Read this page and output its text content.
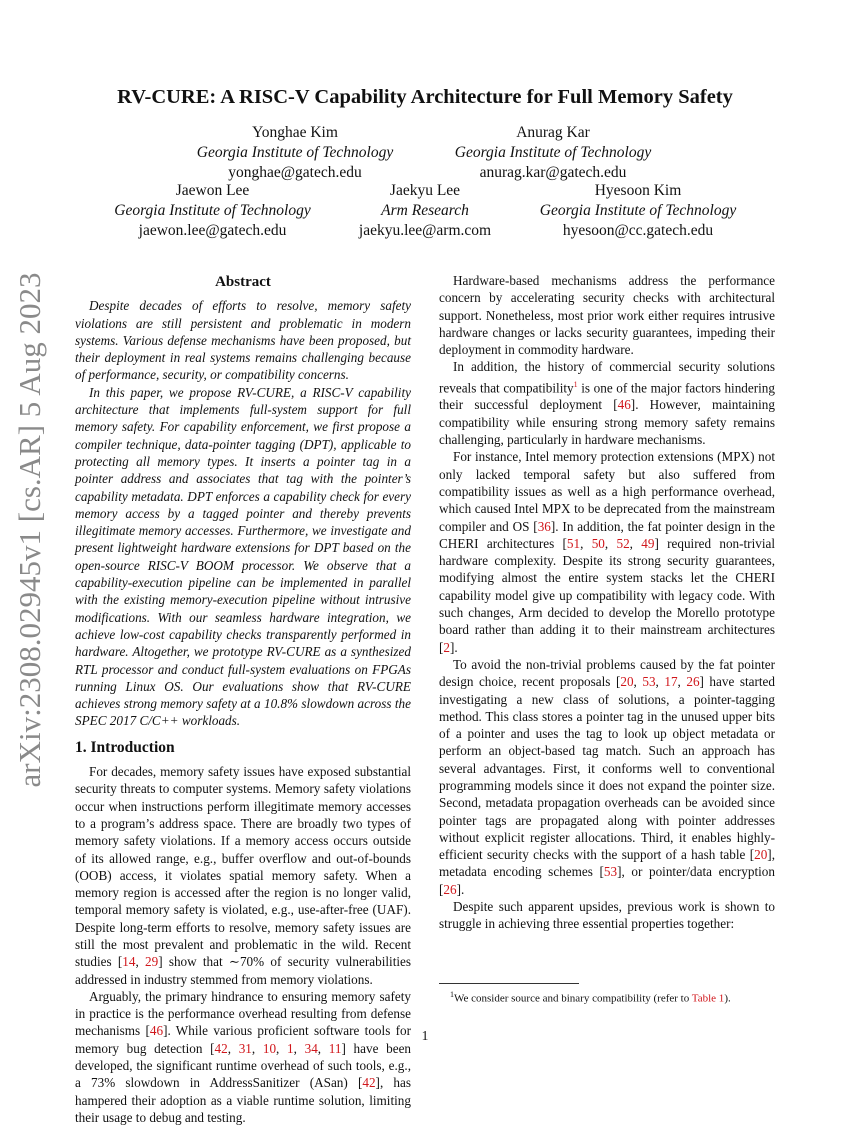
arXiv:2308.02945v1 [cs.AR] 5 Aug 2023
RV-CURE: A RISC-V Capability Architecture for Full Memory Safety
Yonghae Kim
Georgia Institute of Technology
yonghae@gatech.edu
Anurag Kar
Georgia Institute of Technology
anurag.kar@gatech.edu
Jaewon Lee
Georgia Institute of Technology
jaewon.lee@gatech.edu
Jaekyu Lee
Arm Research
jaekyu.lee@arm.com
Hyesoon Kim
Georgia Institute of Technology
hyesoon@cc.gatech.edu
Abstract

Despite decades of efforts to resolve, memory safety violations are still persistent and problematic in modern systems. Various defense mechanisms have been proposed, but their deployment in real systems remains challenging because of performance, security, or compatibility concerns.

In this paper, we propose RV-CURE, a RISC-V capability architecture that implements full-system support for full memory safety. For capability enforcement, we first propose a compiler technique, data-pointer tagging (DPT), applicable to protecting all memory types. It inserts a pointer tag in a pointer address and associates that tag with the pointer’s capability metadata. DPT enforces a capability check for every memory access by a tagged pointer and thereby prevents illegitimate memory accesses. Furthermore, we investigate and present lightweight hardware extensions for DPT based on the open-source RISC-V BOOM processor. We observe that a capability-execution pipeline can be implemented in parallel with the existing memory-execution pipeline without intrusive modifications. With our seamless hardware integration, we achieve low-cost capability checks transparently performed in hardware. Altogether, we prototype RV-CURE as a synthesized RTL processor and conduct full-system evaluations on FPGAs running Linux OS. Our evaluations show that RV-CURE achieves strong memory safety at a 10.8% slowdown across the SPEC 2017 C/C++ workloads.

1. Introduction

For decades, memory safety issues have exposed substantial security threats to computer systems. Memory safety violations occur when instructions perform illegitimate memory accesses to a program’s address space. There are broadly two types of memory safety violations. If a memory access occurs outside of its allowed range, e.g., buffer overflow and out-of-bounds (OOB) access, it violates spatial memory safety. When a memory region is accessed after the region is no longer valid, temporal memory safety is violated, e.g., use-after-free (UAF). Despite long-term efforts to resolve, memory safety issues are still the most prevalent and problematic in the wild. Recent studies [14, 29] show that ∼70% of security vulnerabilities addressed in industry stemmed from memory violations.

Arguably, the primary hindrance to ensuring memory safety in practice is the performance overhead resulting from defense mechanisms [46]. While various proficient software tools for memory bug detection [42, 31, 10, 1, 34, 11] have been developed, the significant runtime overhead of such tools, e.g., a 73% slowdown in AddressSanitizer (ASan) [42], has hampered their adoption as a viable runtime solution, limiting their usage to debug and testing.

Hardware-based mechanisms address the performance concern by accelerating security checks with architectural support. Nonetheless, most prior work either requires intrusive hardware changes or lacks security guarantees, impeding their deployment in commodity hardware.

In addition, the history of commercial security solutions reveals that compatibility$^1$ is one of the major factors hindering their successful deployment [46]. However, maintaining compatibility while ensuring strong memory safety remains challenging, particularly in hardware mechanisms.

For instance, Intel memory protection extensions (MPX) not only lacked temporal safety but also suffered from compatibility issues as well as a high performance overhead, which caused Intel MPX to be deprecated from the mainstream compiler and OS [36]. In addition, the fat pointer design in the CHERI architectures [51, 50, 52, 49] required non-trivial hardware complexity. Despite its strong security guarantees, modifying almost the entire system stacks let the CHERI capability model give up compatibility with legacy code. With such changes, Arm decided to develop the Morello prototype board rather than adding it to their mainstream architectures [2].

To avoid the non-trivial problems caused by the fat pointer design choice, recent proposals [20, 53, 17, 26] have started investigating a new class of solutions, a pointer-tagging method. This class stores a pointer tag in the unused upper bits of a pointer and uses the tag to look up object metadata or perform an object-based tag match. Such an approach has several advantages. First, it conforms well to conventional programming models since it does not expand the pointer size. Second, metadata propagation overheads can be avoided since pointer tags are propagated along with pointer addresses without explicit register allocations. Third, it enables highly-efficient security checks with the support of a hash table [20], metadata encoding schemes [53], or pointer/data encryption [26].

Despite such apparent upsides, previous work is shown to struggle in achieving three essential properties together:

$^1$We consider source and binary compatibility (refer to Table 1).
1
